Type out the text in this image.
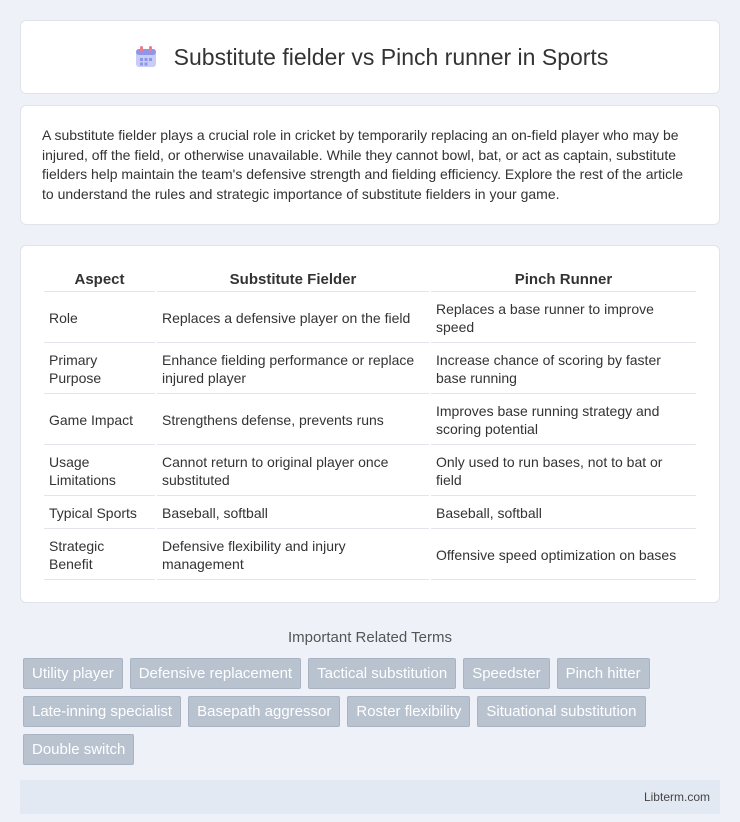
Substitute fielder vs Pinch runner in Sports
A substitute fielder plays a crucial role in cricket by temporarily replacing an on-field player who may be injured, off the field, or otherwise unavailable. While they cannot bowl, bat, or act as captain, substitute fielders help maintain the team's defensive strength and fielding efficiency. Explore the rest of the article to understand the rules and strategic importance of substitute fielders in your game.
Aspect	Substitute Fielder	Pinch Runner
Role	Replaces a defensive player on the field	Replaces a base runner to improve speed
Primary Purpose	Enhance fielding performance or replace injured player	Increase chance of scoring by faster base running
Game Impact	Strengthens defense, prevents runs	Improves base running strategy and scoring potential
Usage Limitations	Cannot return to original player once substituted	Only used to run bases, not to bat or field
Typical Sports	Baseball, softball	Baseball, softball
Strategic Benefit	Defensive flexibility and injury management	Offensive speed optimization on bases
Important Related Terms
Utility player	Defensive replacement	Tactical substitution	Speedster	Pinch hitter
Late-inning specialist	Basepath aggressor	Roster flexibility	Situational substitution
Double switch
Libterm.com
